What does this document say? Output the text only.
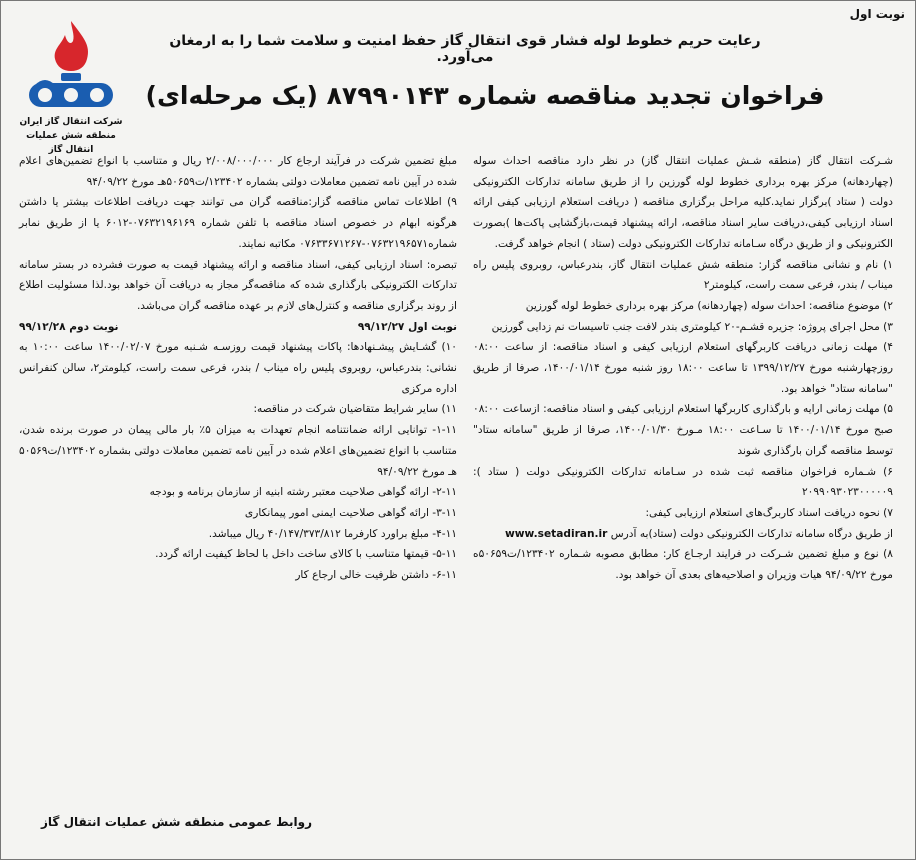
نوبت اول
رعایت حریم خطوط لوله فشار قوی انتقال گاز حفظ امنیت و سلامت شما را به ارمغان می‌آورد.
فراخوان تجدید مناقصه شماره ۸۷۹۹۰۱۴۳ (یک مرحله‌ای)
شرکت انتقال گاز ایران
منطقه شش عملیات انتقال گاز

شـرکت انتقال گاز (منطقه شـش عملیات انتقال گاز) در نظر دارد مناقصه احداث سوله (چهاردهانه) مرکز بهره برداری خطوط لوله گورزین را از طریق سامانه تدارکات الکترونیکی دولت ( ستاد )برگزار نماید.کلیه مراحل برگزاری مناقصه ( دریافت استعلام ارزیابی کیفی ارائه اسناد ارزیابی کیفی،دریافت سایر اسناد مناقصه، ارائه پیشنهاد قیمت،بازگشایی پاکت‌ها )بصورت الکترونیکی و از طریق درگاه سـامانه تدارکات الکترونیکی دولت (ستاد ) انجام خواهد گرفت.

۱) نام و نشانی مناقصه گزار: منطقه شش عملیات انتقال گاز، بندرعباس، روبروی پلیس راه میناب / بندر، فرعی سمت راست، کیلومتر۲

۲) موضوع مناقصه: احداث سوله (چهاردهانه) مرکز بهره برداری خطوط لوله گورزین

۳) محل اجرای پروژه: جزیره قشـم-۲۰ کیلومتری بندر لافت جنب تاسیسات نم زدایی گورزین

۴) مهلت زمانی دریافت کاربرگهای استعلام ارزیابی کیفی و اسناد مناقصه: از ساعت ۰۸:۰۰ روزچهارشنبه مورخ ۱۳۹۹/۱۲/۲۷ تا ساعت ۱۸:۰۰ روز شنبه مورخ ۱۴۰۰/۰۱/۱۴، صرفا از طریق "سامانه ستاد" خواهد بود.

۵) مهلت زمانی ارایه و بارگذاری کاربرگها استعلام ارزیابی کیفی و اسناد مناقصه: ازساعت ۰۸:۰۰ صبح مورخ ۱۴۰۰/۰۱/۱۴ تا سـاعت ۱۸:۰۰ مـورخ ۱۴۰۰/۰۱/۳۰، صرفا از طریق "سامانه ستاد" توسط مناقصه گران بارگذاری شوند

۶) شـماره فراخوان مناقصه ثبت شده در سـامانه تدارکات الکترونیکی دولت ( ستاد ): ۲۰۹۹۰۹۳۰۲۳۰۰۰۰۰۹

۷) نحوه دریافت اسناد کاربرگ‌های استعلام ارزیابی کیفی:

از طریق درگاه سامانه تدارکات الکترونیکی دولت (ستاد)به آدرس www.setadiran.ir

۸) نوع و مبلغ تضمین شـرکت در فرایند ارجـاع کار: مطابق مصوبه شـماره ۱۲۳۴۰۲/ت۵۰۶۵۹ه مورخ ۹۴/۰۹/۲۲ هیات وزیران و اصلاحیه‌های بعدی آن خواهد بود.

مبلغ تضمین شرکت در فرآیند ارجاع کار ۲/۰۰۸/۰۰۰/۰۰۰ ریال و متناسب با انواع تضمین‌های اعلام شده در آیین نامه تضمین معاملات دولتی بشماره ۱۲۳۴۰۲/ت۵۰۶۵۹هـ مورخ ۹۴/۰۹/۲۲

۹) اطلاعات تماس مناقصه گزار:مناقصه گران می توانند جهت دریافت اطلاعات بیشتر یا داشتن هرگونه ابهام در خصوص اسناد مناقصه با تلفن شماره ۰۷۶۳۲۱۹۶۱۶۹-۶۰۱۲ یا از طریق نمابر شماره۰۷۶۳۲۱۹۶۵۷۱-۰۷۶۳۳۶۷۱۲۶۷ مکاتبه نمایند.

تبصره: اسناد ارزیابی کیفی، اسناد مناقصه و ارائه پیشنهاد قیمت به صورت فشرده در بستر سامانه تدارکات الکترونیکی بارگذاری شده که مناقصه‌گر مجاز به دریافت آن خواهد بود.لذا مسئولیت اطلاع از روند برگزاری مناقصه و کنترل‌های لازم بر عهده مناقصه گران می‌باشد.

نوبت اول ۹۹/۱۲/۲۷
نوبت دوم ۹۹/۱۲/۲۸

۱۰) گشـایش پیشـنهادها: پاکات پیشنهاد قیمت روزسـه شـنبه مورخ ۱۴۰۰/۰۲/۰۷ ساعت ۱۰:۰۰ به نشانی: بندرعباس، روبروی پلیس راه میناب / بندر، فرعی سمت راست، کیلومتر۲، سالن کنفرانس اداره مرکزی

۱۱) سایر شرایط متقاضیان شرکت در مناقصه:

۱-۱۱- توانایی ارائه ضمانتنامه انجام تعهدات به میزان ۵٪ بار مالی پیمان در صورت برنده شدن، متناسب با انواع تضمین‌های اعلام شده در آیین نامه تضمین معاملات دولتی بشماره ۱۲۳۴۰۲/ت۵۰۵۶۹ هـ مورخ ۹۴/۰۹/۲۲

۲-۱۱- ارائه گواهی صلاحیت معتبر رشته ابنیه از سازمان برنامه و بودجه

۳-۱۱- ارائه گواهی صلاحیت ایمنی امور پیمانکاری

۴-۱۱- مبلغ براورد کارفرما ۴۰/۱۴۷/۳۷۳/۸۱۲ ریال میباشد.

۵-۱۱- قیمتها متناسب با کالای ساخت داخل با لحاظ کیفیت ارائه گردد.

۶-۱۱- داشتن ظرفیت خالی ارجاع کار

روابط عمومی منطقه شش عملیات انتقال گاز
